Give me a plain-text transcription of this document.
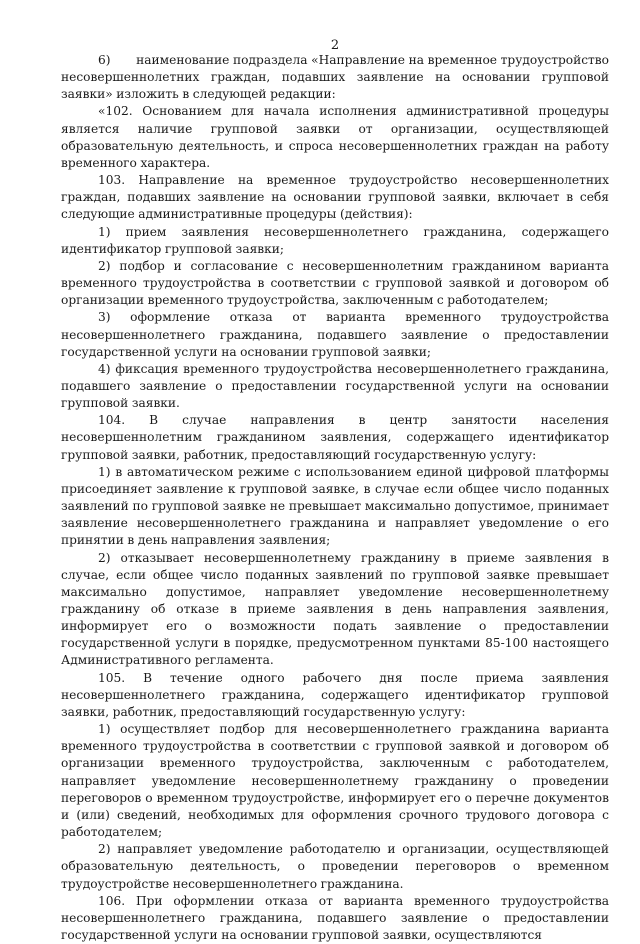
2

6)       наименование подраздела «Направление на временное трудоустройство несовершеннолетних граждан, подавших заявление на основании групповой заявки» изложить в следующей редакции:

«102. Основанием для начала исполнения административной процедуры является наличие групповой заявки от организации, осуществляющей образовательную деятельность, и спроса несовершеннолетних граждан на работу временного характера.

103. Направление на временное трудоустройство несовершеннолетних граждан, подавших заявление на основании групповой заявки, включает в себя следующие административные процедуры (действия):

1) прием заявления несовершеннолетнего гражданина, содержащего идентификатор групповой заявки;

2) подбор и согласование с несовершеннолетним гражданином варианта временного трудоустройства в соответствии с групповой заявкой и договором об организации временного трудоустройства, заключенным с работодателем;

3) оформление отказа от варианта временного трудоустройства несовершеннолетнего гражданина, подавшего заявление о предоставлении государственной услуги на основании групповой заявки;

4) фиксация временного трудоустройства несовершеннолетнего гражданина, подавшего заявление о предоставлении государственной услуги на основании групповой заявки.

104. В случае направления в центр занятости населения несовершеннолетним гражданином заявления, содержащего идентификатор групповой заявки, работник, предоставляющий государственную услугу:

1) в автоматическом режиме с использованием единой цифровой платформы присоединяет заявление к групповой заявке, в случае если общее число поданных заявлений по групповой заявке не превышает максимально допустимое, принимает заявление несовершеннолетнего гражданина и направляет уведомление о его принятии в день направления заявления;

2) отказывает несовершеннолетнему гражданину в приеме заявления в случае, если общее число поданных заявлений по групповой заявке превышает максимально допустимое, направляет уведомление несовершеннолетнему гражданину об отказе в приеме заявления в день направления заявления, информирует его о возможности подать заявление о предоставлении государственной услуги в порядке, предусмотренном пунктами 85-100 настоящего Административного регламента.

105. В течение одного рабочего дня после приема заявления несовершеннолетнего гражданина, содержащего идентификатор групповой заявки, работник, предоставляющий государственную услугу:

1) осуществляет подбор для несовершеннолетнего гражданина варианта временного трудоустройства в соответствии с групповой заявкой и договором об организации временного трудоустройства, заключенным с работодателем, направляет уведомление несовершеннолетнему гражданину о проведении переговоров о временном трудоустройстве, информирует его о перечне документов и (или) сведений, необходимых для оформления срочного трудового договора с работодателем;

2) направляет уведомление работодателю и организации, осуществляющей образовательную деятельность, о проведении переговоров о временном трудоустройстве несовершеннолетнего гражданина.

106. При оформлении отказа от варианта временного трудоустройства несовершеннолетнего гражданина, подавшего заявление о предоставлении государственной услуги на основании групповой заявки, осуществляются
